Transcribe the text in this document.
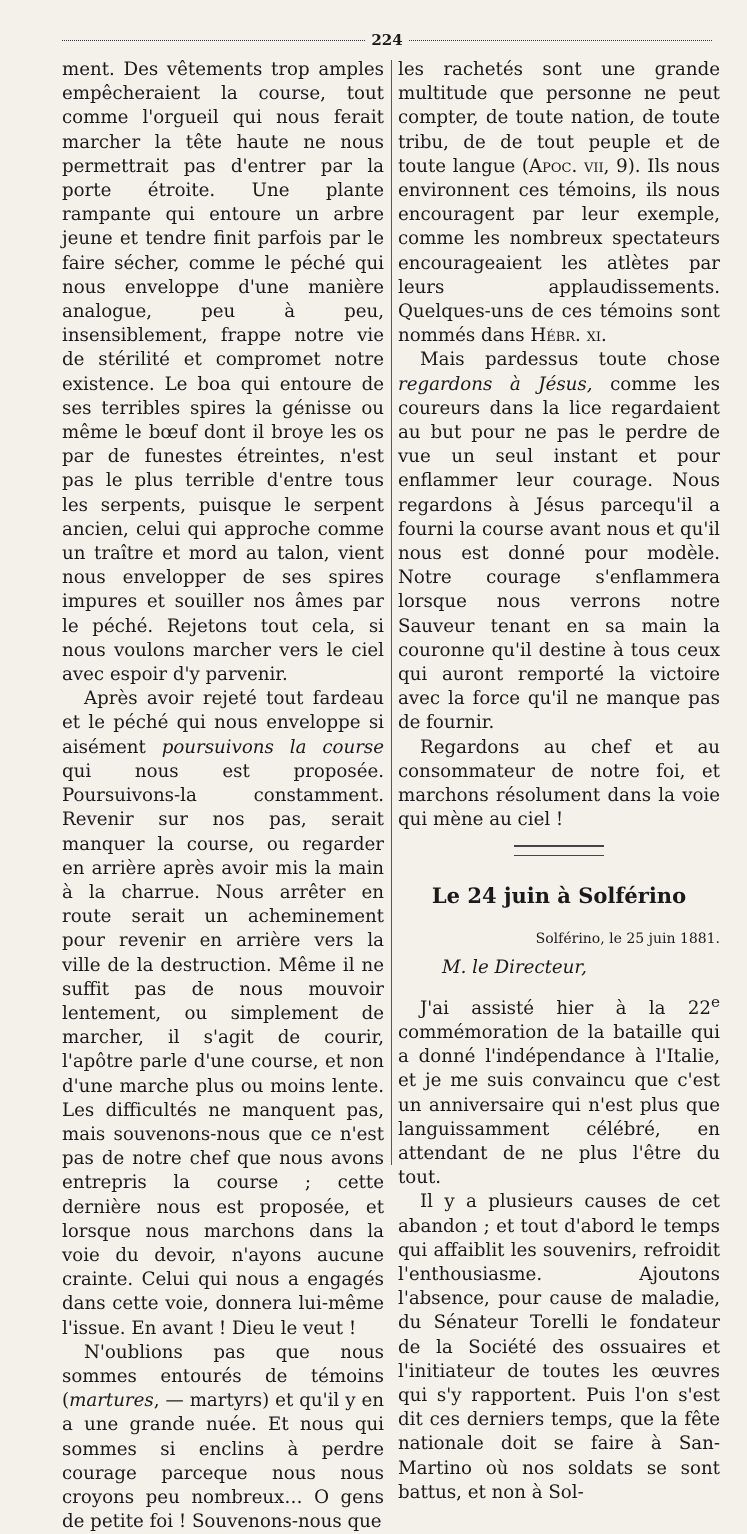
224

ment. Des vêtements trop amples empêcheraient la course, tout comme l'orgueil qui nous ferait marcher la tête haute ne nous permettrait pas d'entrer par la porte étroite. Une plante rampante qui entoure un arbre jeune et tendre finit parfois par le faire sécher, comme le péché qui nous enveloppe d'une manière analogue, peu à peu, insensiblement, frappe notre vie de stérilité et compromet notre existence. Le boa qui entoure de ses terribles spires la génisse ou même le bœuf dont il broye les os par de funestes étreintes, n'est pas le plus terrible d'entre tous les serpents, puisque le serpent ancien, celui qui approche comme un traître et mord au talon, vient nous envelopper de ses spires impures et souiller nos âmes par le péché. Rejetons tout cela, si nous voulons marcher vers le ciel avec espoir d'y parvenir.

Après avoir rejeté tout fardeau et le péché qui nous enveloppe si aisément poursuivons la course qui nous est proposée. Poursuivons-la constamment. Revenir sur nos pas, serait manquer la course, ou regarder en arrière après avoir mis la main à la charrue. Nous arrêter en route serait un acheminement pour revenir en arrière vers la ville de la destruction. Même il ne suffit pas de nous mouvoir lentement, ou simplement de marcher, il s'agit de courir, l'apôtre parle d'une course, et non d'une marche plus ou moins lente. Les difficultés ne manquent pas, mais souvenons-nous que ce n'est pas de notre chef que nous avons entrepris la course ; cette dernière nous est proposée, et lorsque nous marchons dans la voie du devoir, n'ayons aucune crainte. Celui qui nous a engagés dans cette voie, donnera lui-même l'issue. En avant ! Dieu le veut !

N'oublions pas que nous sommes entourés de témoins (martures, — martyrs) et qu'il y en a une grande nuée. Et nous qui sommes si enclins à perdre courage parceque nous nous croyons peu nombreux… O gens de petite foi ! Souvenons-nous que

les rachetés sont une grande multitude que personne ne peut compter, de toute nation, de toute tribu, de de tout peuple et de toute langue (Apoc. vii, 9). Ils nous environnent ces témoins, ils nous encouragent par leur exemple, comme les nombreux spectateurs encourageaient les atlètes par leurs applaudissements. Quelques-uns de ces témoins sont nommés dans Hébr. xi.

Mais pardessus toute chose regardons à Jésus, comme les coureurs dans la lice regardaient au but pour ne pas le perdre de vue un seul instant et pour enflammer leur courage. Nous regardons à Jésus parcequ'il a fourni la course avant nous et qu'il nous est donné pour modèle. Notre courage s'enflammera lorsque nous verrons notre Sauveur tenant en sa main la couronne qu'il destine à tous ceux qui auront remporté la victoire avec la force qu'il ne manque pas de fournir.

Regardons au chef et au consommateur de notre foi, et marchons résolument dans la voie qui mène au ciel !

Le 24 juin à Solférino
Solférino, le 25 juin 1881.

M. le Directeur,

J'ai assisté hier à la 22e commémoration de la bataille qui a donné l'indépendance à l'Italie, et je me suis convaincu que c'est un anniversaire qui n'est plus que languissamment célébré, en attendant de ne plus l'être du tout.

Il y a plusieurs causes de cet abandon ; et tout d'abord le temps qui affaiblit les souvenirs, refroidit l'enthousiasme. Ajoutons l'absence, pour cause de maladie, du Sénateur Torelli le fondateur de la Société des ossuaires et l'initiateur de toutes les œuvres qui s'y rapportent. Puis l'on s'est dit ces derniers temps, que la fête nationale doit se faire à San-Martino où nos soldats se sont battus, et non à Sol-
